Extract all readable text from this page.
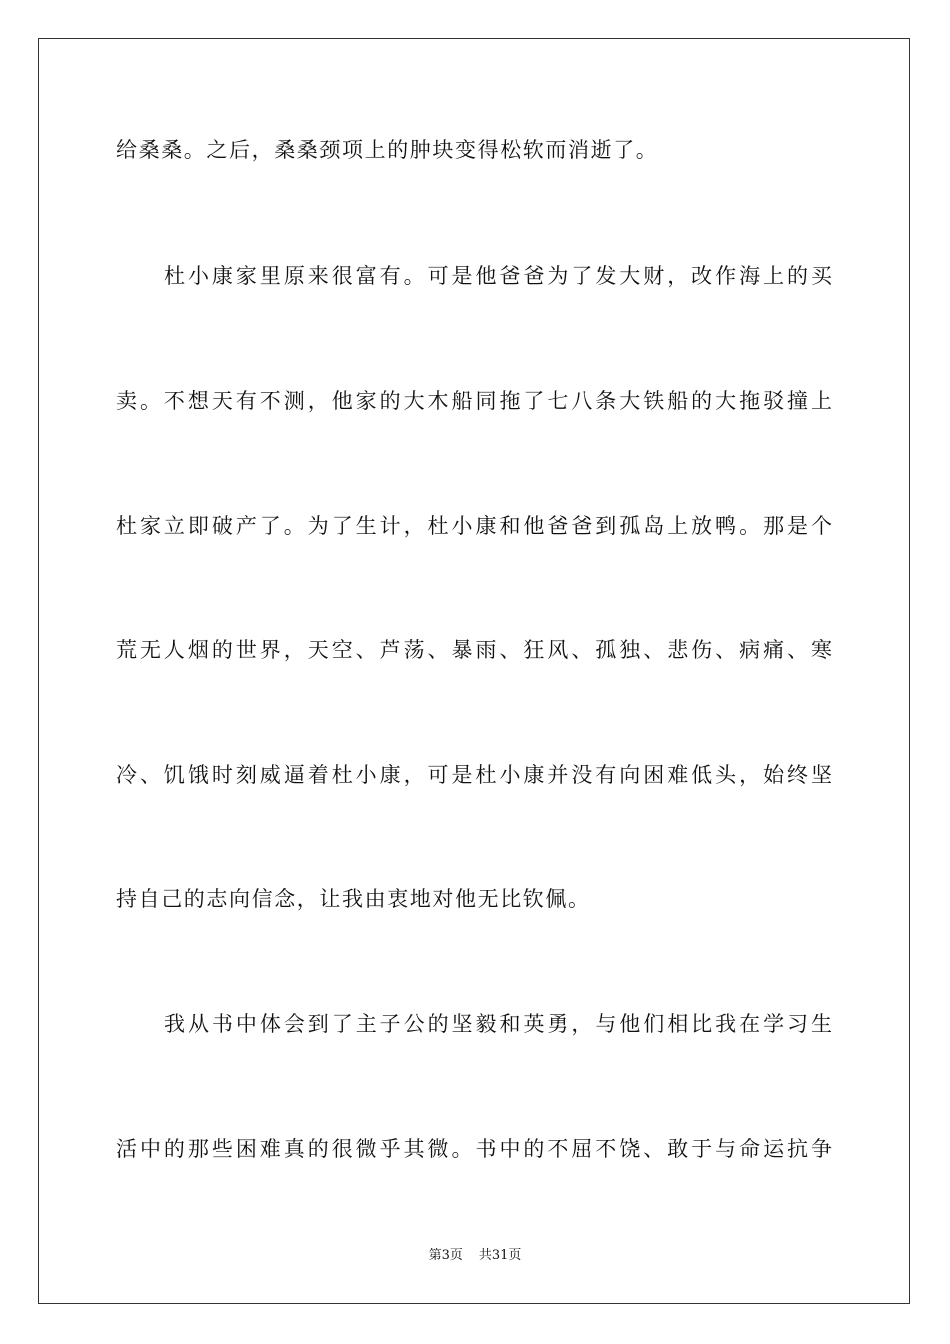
给桑桑。之后，桑桑颈项上的肿块变得松软而消逝了。
杜小康家里原来很富有。可是他爸爸为了发大财，改作海上的买
卖。不想天有不测，他家的大木船同拖了七八条大铁船的大拖驳撞上
杜家立即破产了。为了生计，杜小康和他爸爸到孤岛上放鸭。那是个
荒无人烟的世界，天空、芦荡、暴雨、狂风、孤独、悲伤、病痛、寒
冷、饥饿时刻威逼着杜小康，可是杜小康并没有向困难低头，始终坚
持自己的志向信念，让我由衷地对他无比钦佩。
我从书中体会到了主子公的坚毅和英勇，与他们相比我在学习生
活中的那些困难真的很微乎其微。书中的不屈不饶、敢于与命运抗争
第3页 共31页
